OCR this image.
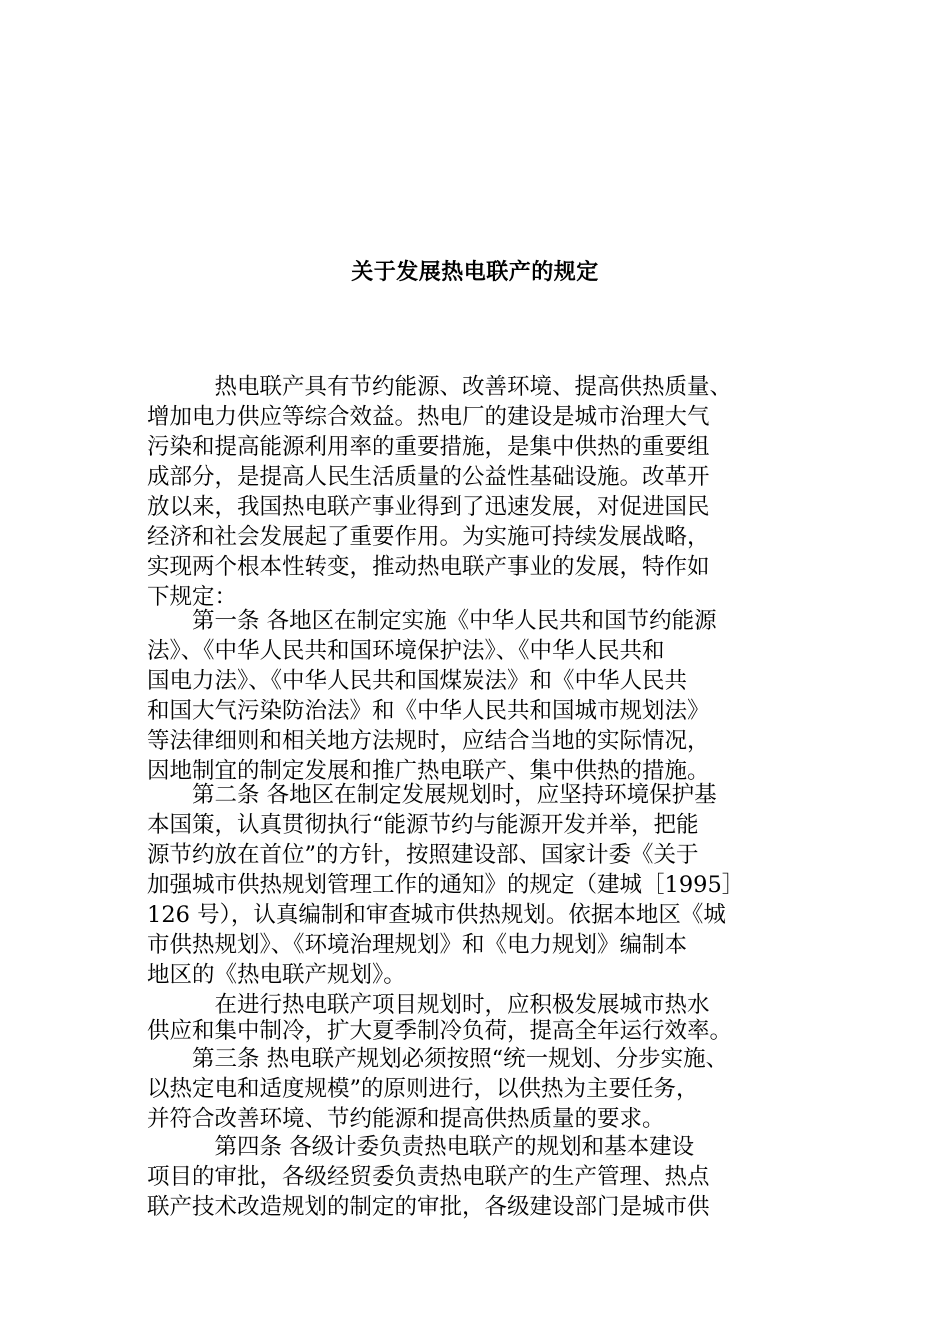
关于发展热电联产的规定
　　　热电联产具有节约能源、改善环境、提高供热质量、
增加电力供应等综合效益。热电厂的建设是城市治理大气
污染和提高能源利用率的重要措施，是集中供热的重要组
成部分，是提高人民生活质量的公益性基础设施。改革开
放以来，我国热电联产事业得到了迅速发展，对促进国民
经济和社会发展起了重要作用。为实施可持续发展战略，
实现两个根本性转变，推动热电联产事业的发展，特作如
下规定：
　　第一条 各地区在制定实施《中华人民共和国节约能源
法》、《中华人民共和国环境保护法》、《中华人民共和
国电力法》、《中华人民共和国煤炭法》和《中华人民共
和国大气污染防治法》和《中华人民共和国城市规划法》
等法律细则和相关地方法规时，应结合当地的实际情况，
因地制宜的制定发展和推广热电联产、集中供热的措施。
　　第二条 各地区在制定发展规划时，应坚持环境保护基
本国策，认真贯彻执行“能源节约与能源开发并举，把能
源节约放在首位”的方针，按照建设部、国家计委《关于
加强城市供热规划管理工作的通知》的规定（建城［1995］
126 号），认真编制和审查城市供热规划。依据本地区《城
市供热规划》、《环境治理规划》和《电力规划》编制本
地区的《热电联产规划》。
　　　在进行热电联产项目规划时，应积极发展城市热水
供应和集中制冷，扩大夏季制冷负荷，提高全年运行效率。
　　第三条 热电联产规划必须按照“统一规划、分步实施、
以热定电和适度规模”的原则进行，以供热为主要任务，
并符合改善环境、节约能源和提高供热质量的要求。
　　　第四条 各级计委负责热电联产的规划和基本建设
项目的审批，各级经贸委负责热电联产的生产管理、热点
联产技术改造规划的制定的审批，各级建设部门是城市供
